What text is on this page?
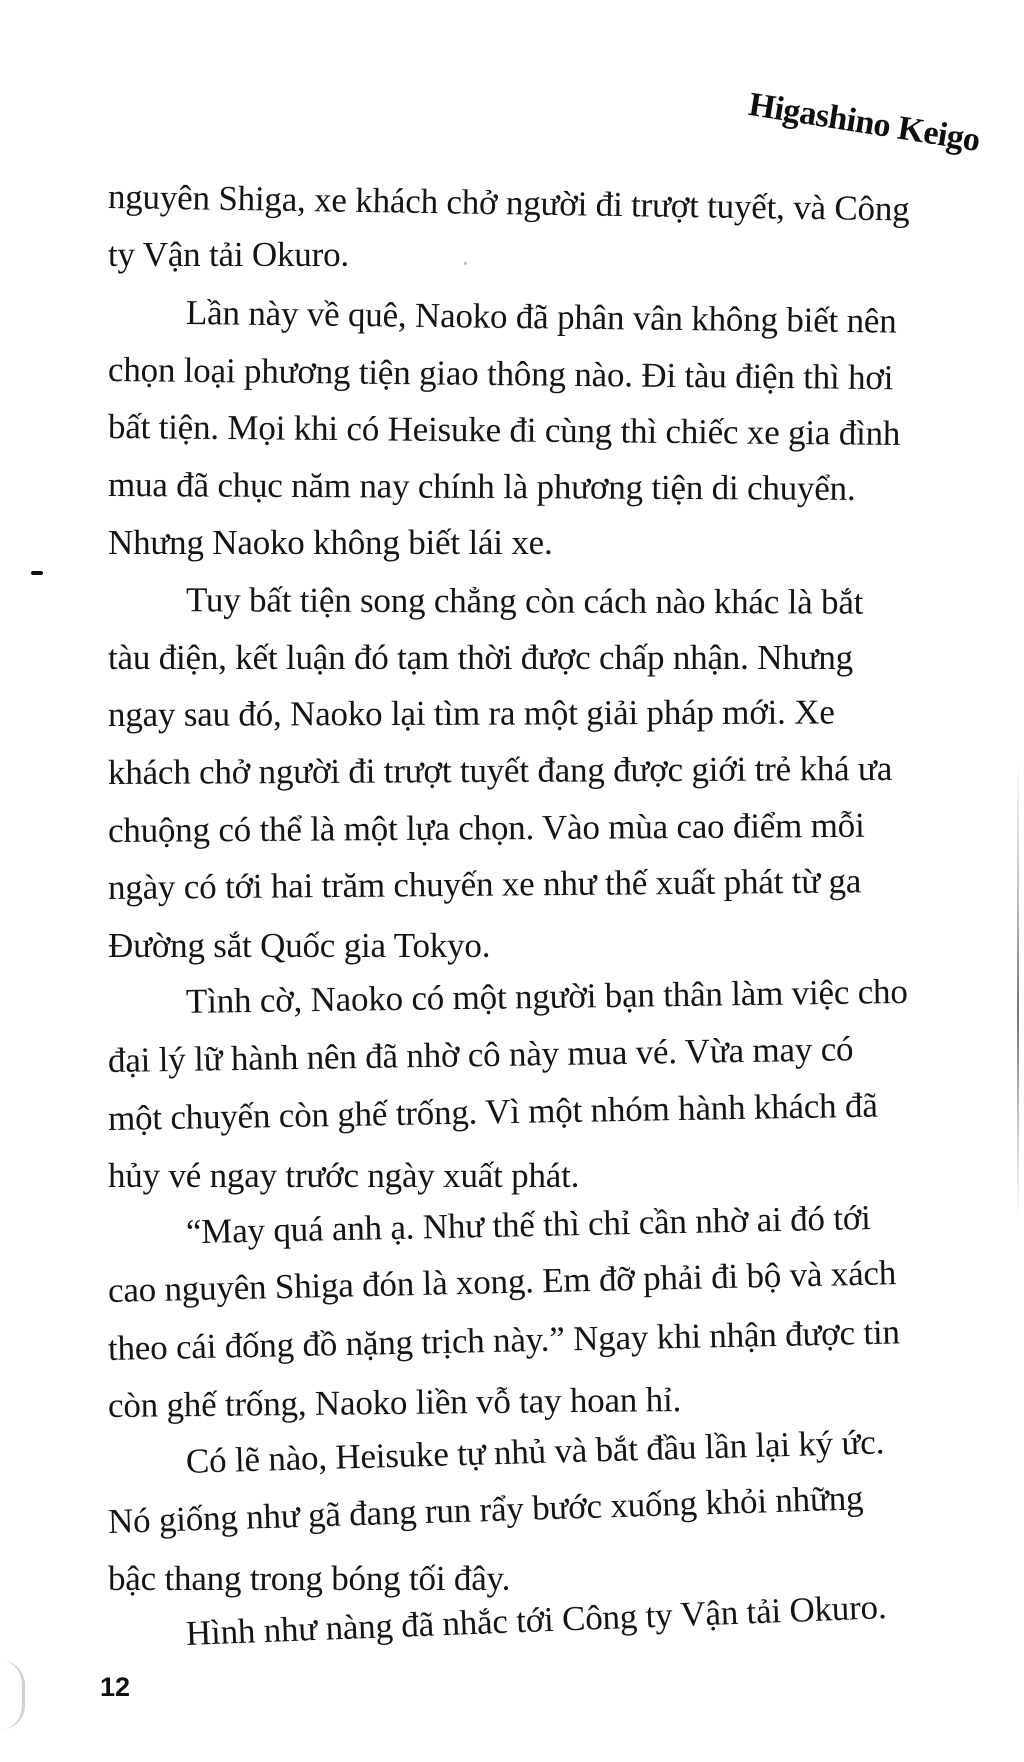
Higashino Keigo
nguyên Shiga, xe khách chở người đi trượt tuyết, và Công
ty Vận tải Okuro.
Lần này về quê, Naoko đã phân vân không biết nên
chọn loại phương tiện giao thông nào. Đi tàu điện thì hơi
bất tiện. Mọi khi có Heisuke đi cùng thì chiếc xe gia đình
mua đã chục năm nay chính là phương tiện di chuyển.
Nhưng Naoko không biết lái xe.
Tuy bất tiện song chẳng còn cách nào khác là bắt
tàu điện, kết luận đó tạm thời được chấp nhận. Nhưng
ngay sau đó, Naoko lại tìm ra một giải pháp mới. Xe
khách chở người đi trượt tuyết đang được giới trẻ khá ưa
chuộng có thể là một lựa chọn. Vào mùa cao điểm mỗi
ngày có tới hai trăm chuyến xe như thế xuất phát từ ga
Đường sắt Quốc gia Tokyo.
Tình cờ, Naoko có một người bạn thân làm việc cho
đại lý lữ hành nên đã nhờ cô này mua vé. Vừa may có
một chuyến còn ghế trống. Vì một nhóm hành khách đã
hủy vé ngay trước ngày xuất phát.
“May quá anh ạ. Như thế thì chỉ cần nhờ ai đó tới
cao nguyên Shiga đón là xong. Em đỡ phải đi bộ và xách
theo cái đống đồ nặng trịch này.” Ngay khi nhận được tin
còn ghế trống, Naoko liền vỗ tay hoan hỉ.
Có lẽ nào, Heisuke tự nhủ và bắt đầu lần lại ký ức.
Nó giống như gã đang run rẩy bước xuống khỏi những
bậc thang trong bóng tối đây.
Hình như nàng đã nhắc tới Công ty Vận tải Okuro.
12
